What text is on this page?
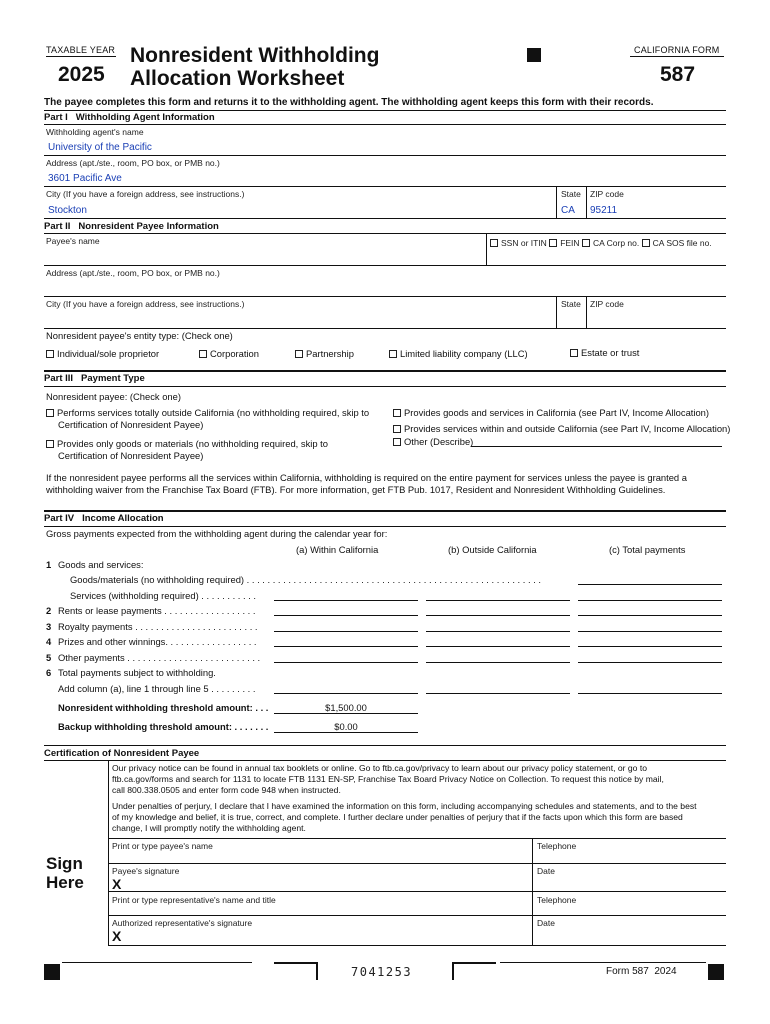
TAXABLE YEAR
2025
Nonresident Withholding
Allocation Worksheet
CALIFORNIA FORM
587
The payee completes this form and returns it to the withholding agent. The withholding agent keeps this form with their records.
Part I Withholding Agent Information
Withholding agent's name
University of the Pacific
Address (apt./ste., room, PO box, or PMB no.)
3601 Pacific Ave
City (If you have a foreign address, see instructions.)
Stockton
State
CA
ZIP code
95211
Part II Nonresident Payee Information
Payee's name	SSN or ITIN FEIN CA Corp no. CA SOS file no.
Address (apt./ste., room, PO box, or PMB no.)
City (If you have a foreign address, see instructions.)	State ZIP code
Nonresident payee's entity type: (Check one)
Individual/sole proprietor	Corporation	Partnership	Limited liability company (LLC)	Estate or trust
Part III Payment Type
Nonresident payee: (Check one)
Performs services totally outside California (no withholding required, skip to
Certification of Nonresident Payee)
Provides only goods or materials (no withholding required, skip to
Certification of Nonresident Payee)
Provides goods and services in California (see Part IV, Income Allocation)
Provides services within and outside California (see Part IV, Income Allocation)
Other (Describe)
If the nonresident payee performs all the services within California, withholding is required on the entire payment for services unless the payee is granted a
withholding waiver from the Franchise Tax Board (FTB). For more information, get FTB Pub. 1017, Resident and Nonresident Withholding Guidelines.
Part IV Income Allocation
Gross payments expected from the withholding agent during the calendar year for:
(a) Within California	(b) Outside California	(c) Total payments
1 Goods and services:
Goods/materials (no withholding required) . . . . . . . . . . . . . . . . . . . . . . . . . . . . . . . . . . . . . . . . . . . . . . . . . . . . . . . . .
Services (withholding required) . . . . . . . . . . .
2 Rents or lease payments . . . . . . . . . . . . . . . . . .
3 Royalty payments . . . . . . . . . . . . . . . . . . . . . . . .
4 Prizes and other winnings. . . . . . . . . . . . . . . . . .
5 Other payments . . . . . . . . . . . . . . . . . . . . . . . . . .
6 Total payments subject to withholding.
Add column (a), line 1 through line 5 . . . . . . . . .
Nonresident withholding threshold amount: . . .	$1,500.00
Backup withholding threshold amount: . . . . . . .	$0.00
Certification of Nonresident Payee
Our privacy notice can be found in annual tax booklets or online. Go to ftb.ca.gov/privacy to learn about our privacy policy statement, or go to
ftb.ca.gov/forms and search for 1131 to locate FTB 1131 EN-SP, Franchise Tax Board Privacy Notice on Collection. To request this notice by mail,
call 800.338.0505 and enter form code 948 when instructed.
Under penalties of perjury, I declare that I have examined the information on this form, including accompanying schedules and statements, and to the best
of my knowledge and belief, it is true, correct, and complete. I further declare under penalties of perjury that if the facts upon which this form are based
change, I will promptly notify the withholding agent.
Sign
Here
Print or type payee's name	Telephone
Payee's signature
X
Date
Print or type representative's name and title	Telephone
Authorized representative's signature
X
Date
7041253	Form 587  2024
